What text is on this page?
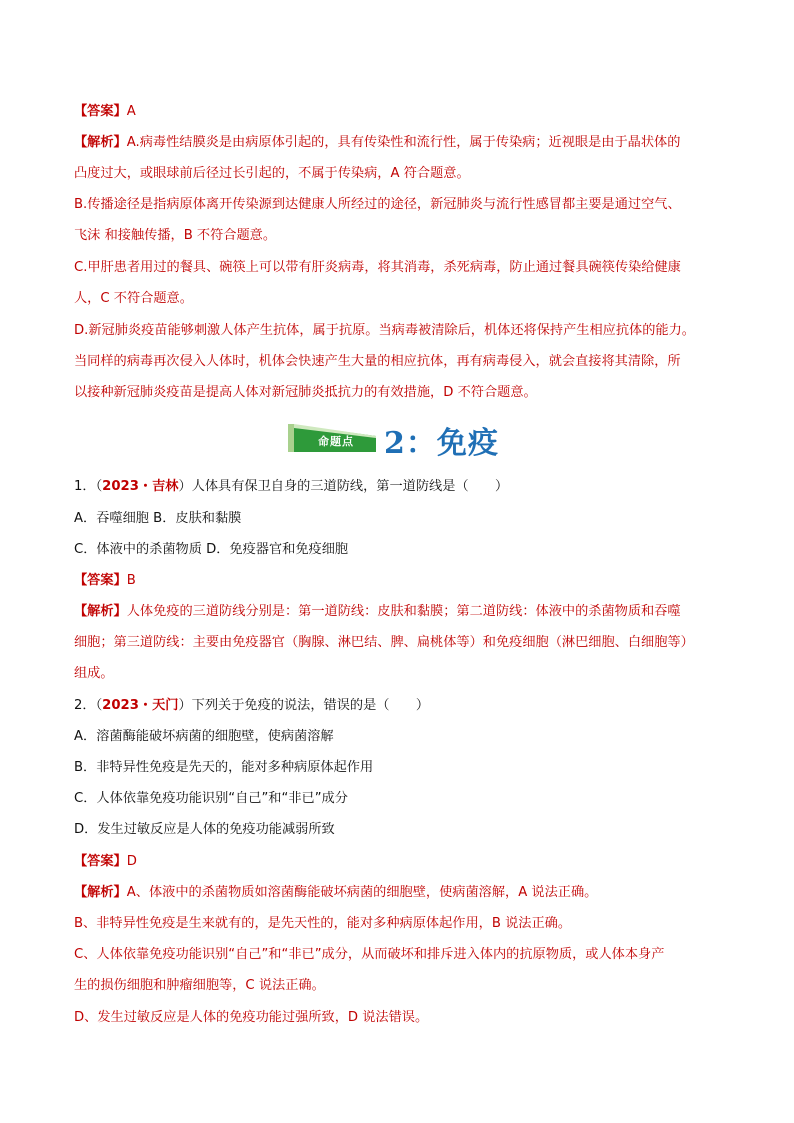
【答案】A
【解析】A.病毒性结膜炎是由病原体引起的，具有传染性和流行性，属于传染病；近视眼是由于晶状体的
凸度过大，或眼球前后径过长引起的，不属于传染病，A 符合题意。
B.传播途径是指病原体离开传染源到达健康人所经过的途径，新冠肺炎与流行性感冒都主要是通过空气、
飞沫 和接触传播，B 不符合题意。
C.甲肝患者用过的餐具、碗筷上可以带有肝炎病毒，将其消毒，杀死病毒，防止通过餐具碗筷传染给健康
人，C 不符合题意。
D.新冠肺炎疫苗能够刺激人体产生抗体，属于抗原。当病毒被清除后，机体还将保持产生相应抗体的能力。
当同样的病毒再次侵入人体时，机体会快速产生大量的相应抗体，再有病毒侵入，就会直接将其清除，所
以接种新冠肺炎疫苗是提高人体对新冠肺炎抵抗力的有效措施，D 不符合题意。
命题点 2：免疫
1．（2023・吉林）人体具有保卫自身的三道防线，第一道防线是（　　）
A．吞噬细胞 B．皮肤和黏膜
C．体液中的杀菌物质 D．免疫器官和免疫细胞
【答案】B
【解析】人体免疫的三道防线分别是：第一道防线：皮肤和黏膜；第二道防线：体液中的杀菌物质和吞噬
细胞；第三道防线：主要由免疫器官（胸腺、淋巴结、脾、扁桃体等）和免疫细胞（淋巴细胞、白细胞等）
组成。
2．（2023・天门）下列关于免疫的说法，错误的是（　　）
A．溶菌酶能破坏病菌的细胞壁，使病菌溶解
B．非特异性免疫是先天的，能对多种病原体起作用
C．人体依靠免疫功能识别“自己”和“非已”成分
D．发生过敏反应是人体的免疫功能减弱所致
【答案】D
【解析】A、体液中的杀菌物质如溶菌酶能破坏病菌的细胞壁，使病菌溶解，A 说法正确。
B、非特异性免疫是生来就有的，是先天性的，能对多种病原体起作用，B 说法正确。
C、人体依靠免疫功能识别“自己”和“非已”成分，从而破坏和排斥进入体内的抗原物质，或人体本身产
生的损伤细胞和肿瘤细胞等，C 说法正确。
D、发生过敏反应是人体的免疫功能过强所致，D 说法错误。
